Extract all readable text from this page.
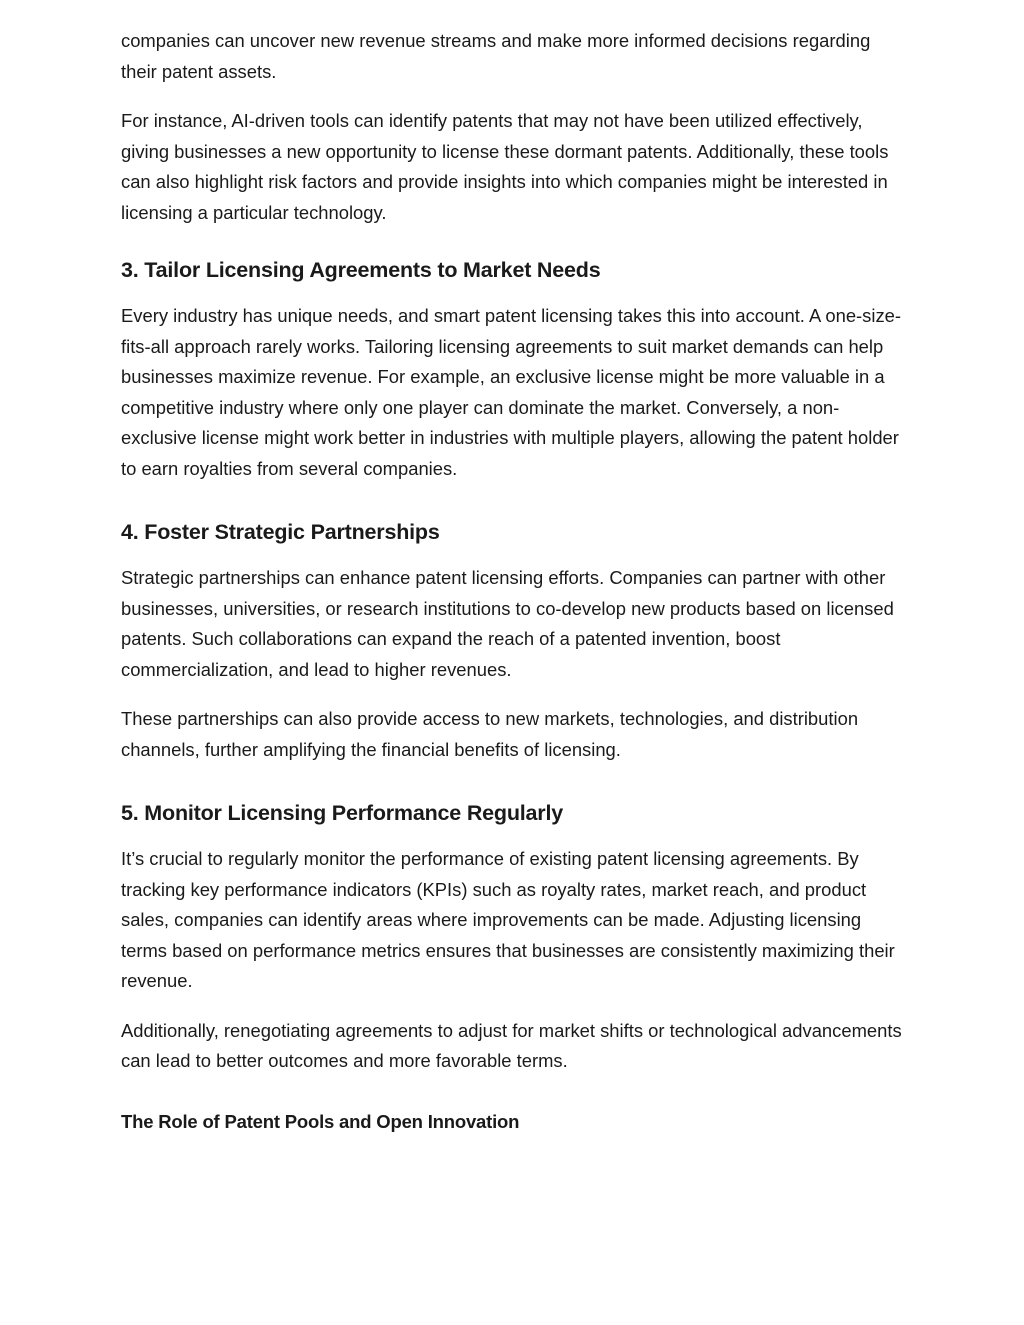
companies can uncover new revenue streams and make more informed decisions regarding their patent assets.

For instance, AI-driven tools can identify patents that may not have been utilized effectively, giving businesses a new opportunity to license these dormant patents. Additionally, these tools can also highlight risk factors and provide insights into which companies might be interested in licensing a particular technology.

3. Tailor Licensing Agreements to Market Needs

Every industry has unique needs, and smart patent licensing takes this into account. A one-size-fits-all approach rarely works. Tailoring licensing agreements to suit market demands can help businesses maximize revenue. For example, an exclusive license might be more valuable in a competitive industry where only one player can dominate the market. Conversely, a non-exclusive license might work better in industries with multiple players, allowing the patent holder to earn royalties from several companies.

4. Foster Strategic Partnerships

Strategic partnerships can enhance patent licensing efforts. Companies can partner with other businesses, universities, or research institutions to co-develop new products based on licensed patents. Such collaborations can expand the reach of a patented invention, boost commercialization, and lead to higher revenues.

These partnerships can also provide access to new markets, technologies, and distribution channels, further amplifying the financial benefits of licensing.

5. Monitor Licensing Performance Regularly

It’s crucial to regularly monitor the performance of existing patent licensing agreements. By tracking key performance indicators (KPIs) such as royalty rates, market reach, and product sales, companies can identify areas where improvements can be made. Adjusting licensing terms based on performance metrics ensures that businesses are consistently maximizing their revenue.

Additionally, renegotiating agreements to adjust for market shifts or technological advancements can lead to better outcomes and more favorable terms.

The Role of Patent Pools and Open Innovation
